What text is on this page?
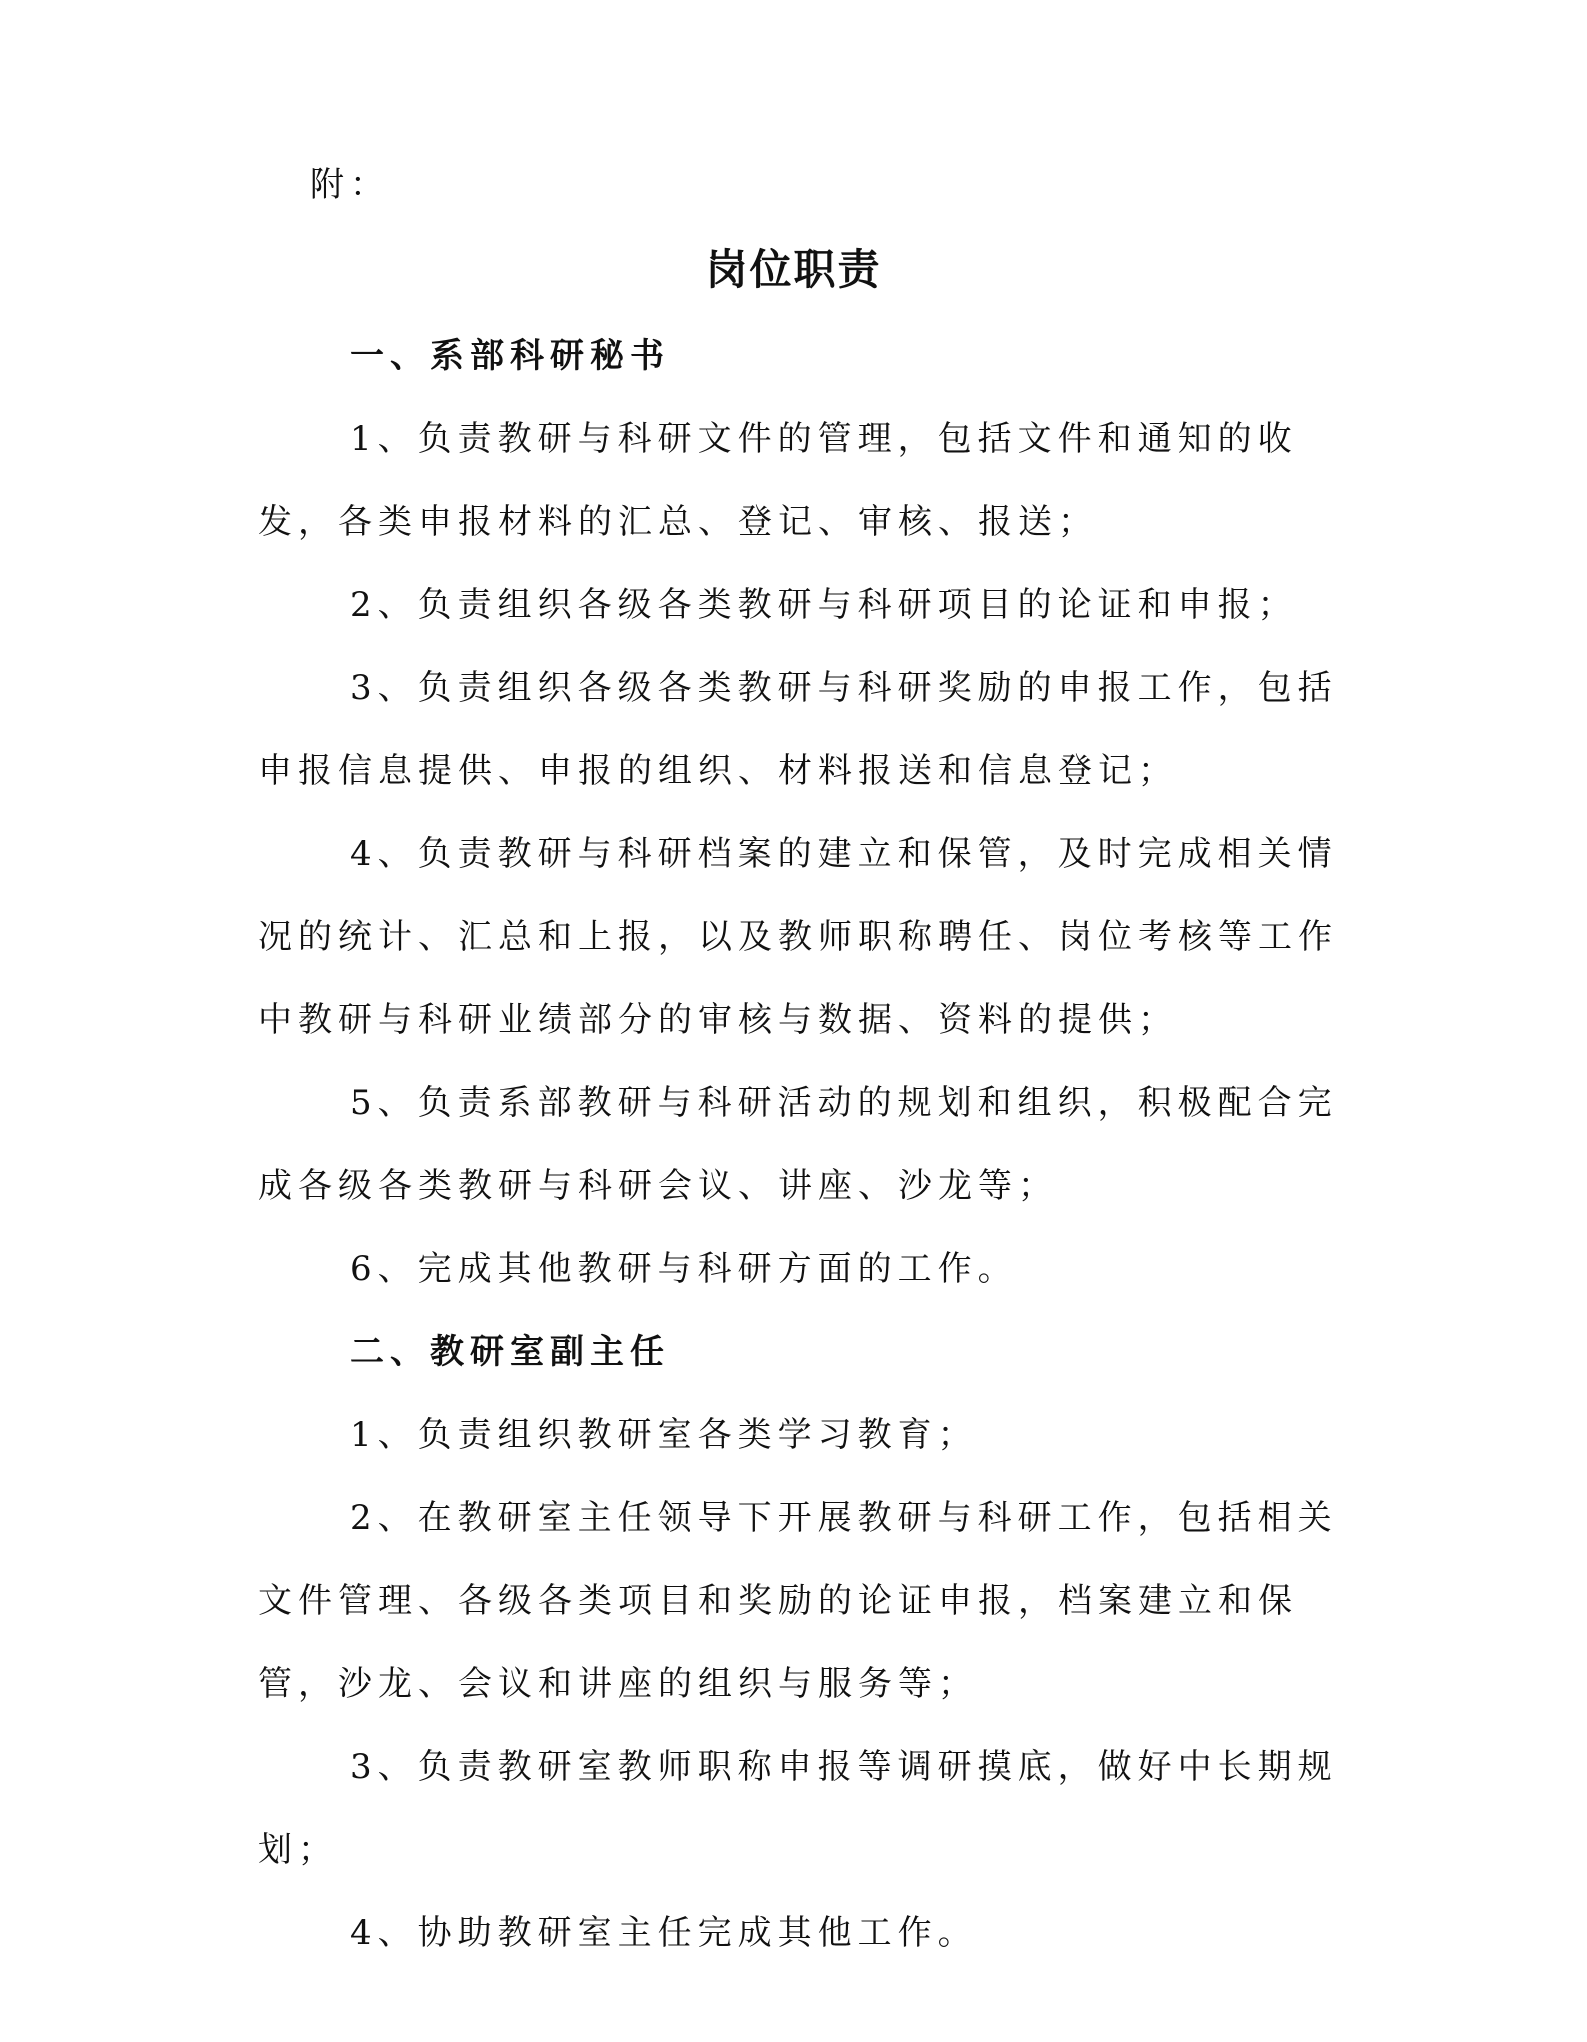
附：

岗位职责

一、系部科研秘书

1、负责教研与科研文件的管理，包括文件和通知的收发，各类申报材料的汇总、登记、审核、报送；

2、负责组织各级各类教研与科研项目的论证和申报；

3、负责组织各级各类教研与科研奖励的申报工作，包括申报信息提供、申报的组织、材料报送和信息登记；

4、负责教研与科研档案的建立和保管，及时完成相关情况的统计、汇总和上报，以及教师职称聘任、岗位考核等工作中教研与科研业绩部分的审核与数据、资料的提供；

5、负责系部教研与科研活动的规划和组织，积极配合完成各级各类教研与科研会议、讲座、沙龙等；

6、完成其他教研与科研方面的工作。

二、教研室副主任

1、负责组织教研室各类学习教育；

2、在教研室主任领导下开展教研与科研工作，包括相关文件管理、各级各类项目和奖励的论证申报，档案建立和保管，沙龙、会议和讲座的组织与服务等；

3、负责教研室教师职称申报等调研摸底，做好中长期规划；

4、协助教研室主任完成其他工作。
